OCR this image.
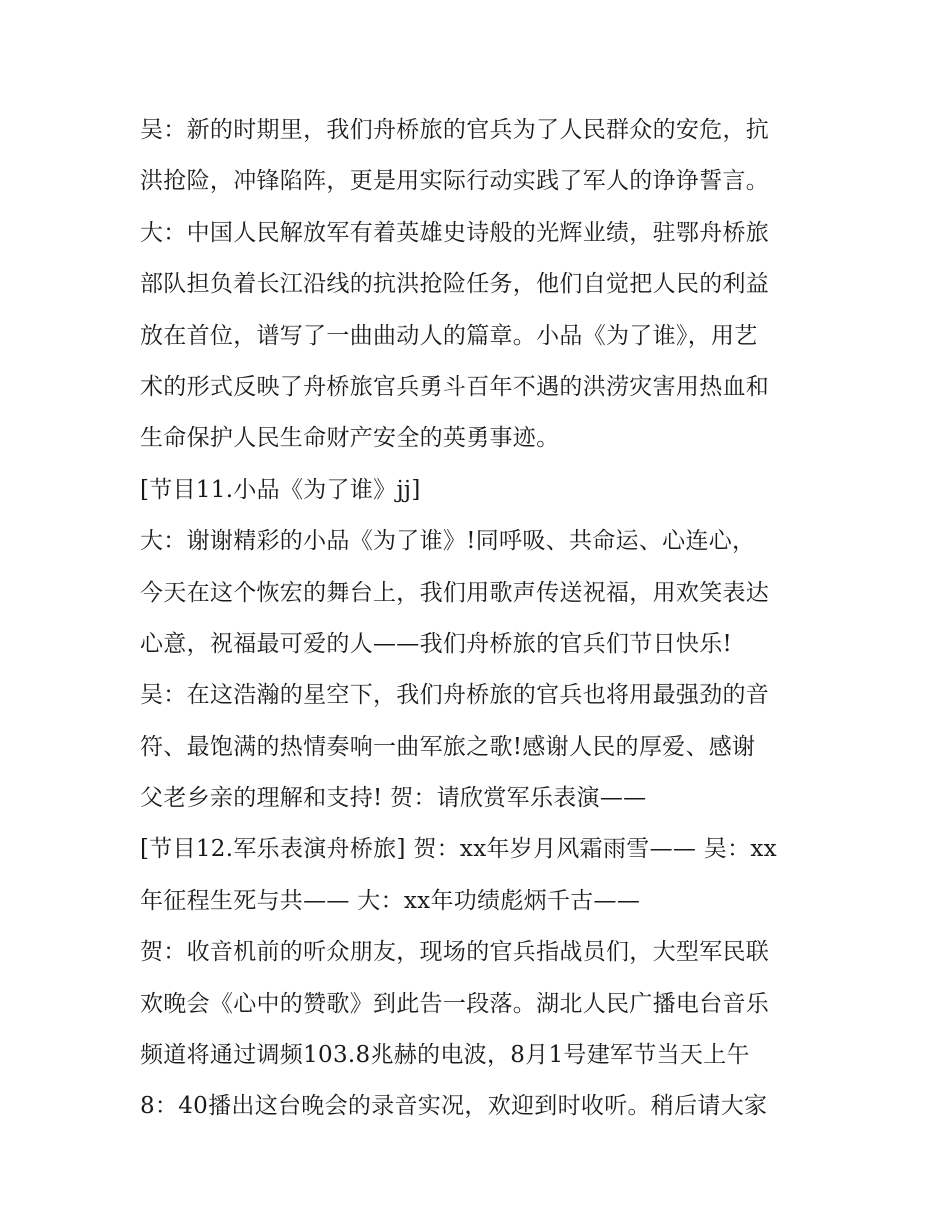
吴：新的时期里，我们舟桥旅的官兵为了人民群众的安危，抗
洪抢险，冲锋陷阵，更是用实际行动实践了军人的诤诤誓言。
大：中国人民解放军有着英雄史诗般的光辉业绩，驻鄂舟桥旅
部队担负着长江沿线的抗洪抢险任务，他们自觉把人民的利益
放在首位，谱写了一曲曲动人的篇章。小品《为了谁》，用艺
术的形式反映了舟桥旅官兵勇斗百年不遇的洪涝灾害用热血和
生命保护人民生命财产安全的英勇事迹。
[节目11.小品《为了谁》jj]
大：谢谢精彩的小品《为了谁》!同呼吸、共命运、心连心，
今天在这个恢宏的舞台上，我们用歌声传送祝福，用欢笑表达
心意，祝福最可爱的人——我们舟桥旅的官兵们节日快乐!
吴：在这浩瀚的星空下，我们舟桥旅的官兵也将用最强劲的音
符、最饱满的热情奏响一曲军旅之歌!感谢人民的厚爱、感谢
父老乡亲的理解和支持! 贺：请欣赏军乐表演——
[节目12.军乐表演舟桥旅] 贺：xx年岁月风霜雨雪—— 吴：xx
年征程生死与共—— 大：xx年功绩彪炳千古——
贺：收音机前的听众朋友，现场的官兵指战员们，大型军民联
欢晚会《心中的赞歌》到此告一段落。湖北人民广播电台音乐
频道将通过调频103.8兆赫的电波，8月1号建军节当天上午
8：40播出这台晚会的录音实况，欢迎到时收听。稍后请大家
